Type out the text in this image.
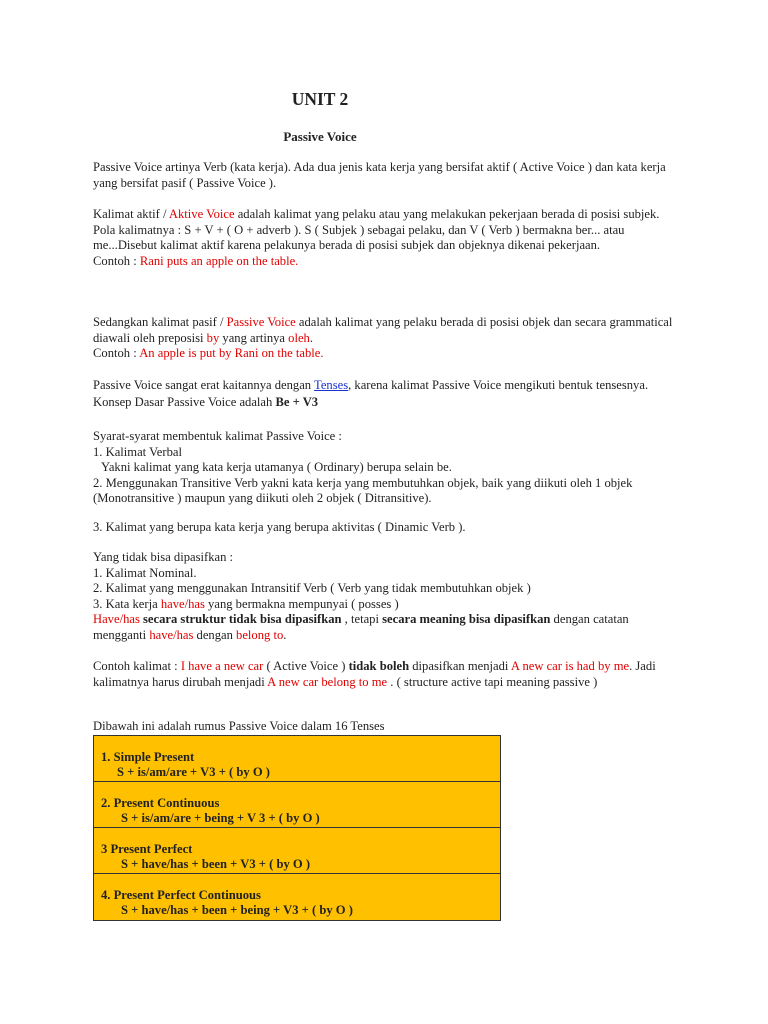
UNIT 2
Passive Voice
Passive Voice artinya Verb (kata kerja). Ada dua jenis kata kerja yang bersifat aktif ( Active Voice ) dan kata kerja yang bersifat pasif ( Passive Voice ).
Kalimat aktif / Aktive Voice adalah kalimat yang pelaku atau yang melakukan pekerjaan berada di posisi subjek.
Pola kalimatnya : S + V + ( O + adverb ). S ( Subjek ) sebagai pelaku, dan V ( Verb ) bermakna ber... atau me...Disebut kalimat aktif karena pelakunya berada di posisi subjek dan objeknya dikenai pekerjaan.
Contoh : Rani puts an apple on the table.
Sedangkan kalimat pasif / Passive Voice adalah kalimat yang pelaku berada di posisi objek dan secara grammatical diawali oleh preposisi by yang artinya oleh.
Contoh : An apple is put by Rani on the table.
Passive Voice sangat erat kaitannya dengan Tenses, karena kalimat Passive Voice mengikuti bentuk tensesnya. Konsep Dasar Passive Voice adalah Be + V3
Syarat-syarat membentuk kalimat Passive Voice :
1. Kalimat Verbal
Yakni kalimat yang kata kerja utamanya ( Ordinary) berupa selain be.
2. Menggunakan Transitive Verb yakni kata kerja yang membutuhkan objek, baik yang diikuti oleh 1 objek (Monotransitive ) maupun yang diikuti oleh 2 objek ( Ditransitive).
3. Kalimat yang berupa kata kerja yang berupa aktivitas ( Dinamic Verb ).
Yang tidak bisa dipasifkan :
1. Kalimat Nominal.
2. Kalimat yang menggunakan Intransitif Verb ( Verb yang tidak membutuhkan objek )
3. Kata kerja have/has yang bermakna mempunyai ( posses )
Have/has secara struktur tidak bisa dipasifkan , tetapi secara meaning bisa dipasifkan dengan catatan mengganti have/has dengan belong to.
Contoh kalimat : I have a new car ( Active Voice ) tidak boleh dipasifkan menjadi A new car is had by me. Jadi kalimatnya harus dirubah menjadi A new car belong to me . ( structure active tapi meaning passive )
Dibawah ini adalah rumus Passive Voice dalam 16 Tenses
1. Simple Present
S + is/am/are + V3 + ( by O )
2. Present Continuous
S + is/am/are + being + V 3 + ( by O )
3 Present Perfect
S + have/has + been + V3 + ( by O )
4. Present Perfect Continuous
S + have/has + been + being + V3 + ( by O )
